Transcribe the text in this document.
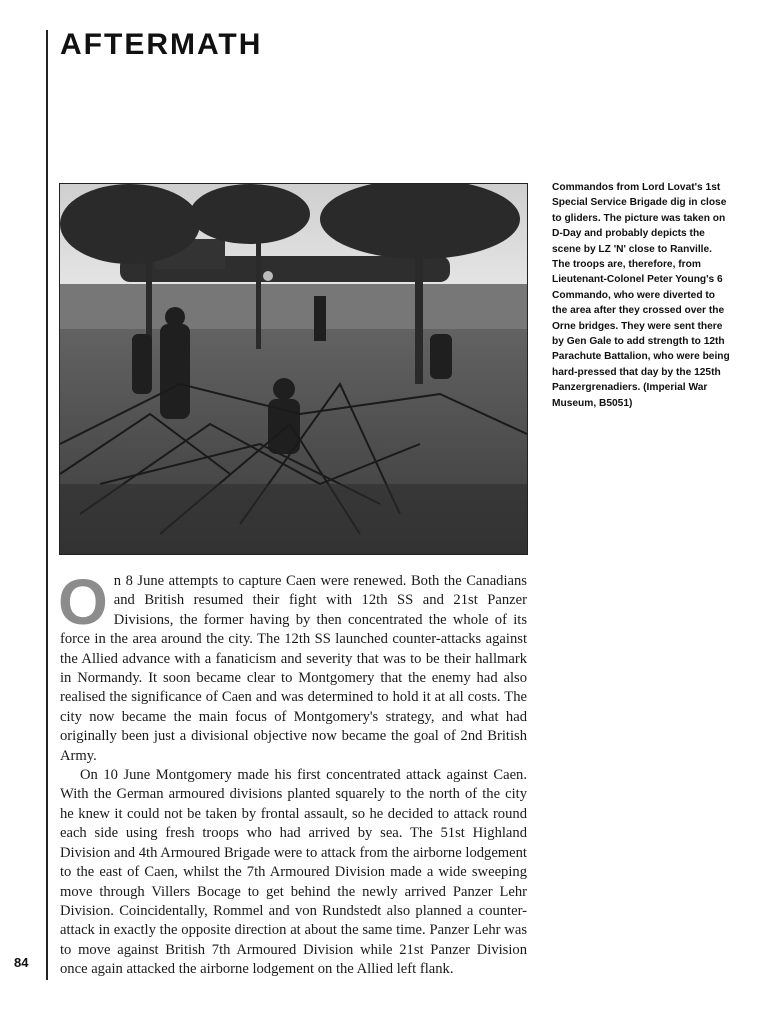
AFTERMATH

Commandos from Lord Lovat's 1st Special Service Brigade dig in close to gliders. The picture was taken on D-Day and probably depicts the scene by LZ 'N' close to Ranville. The troops are, therefore, from Lieutenant-Colonel Peter Young's 6 Commando, who were diverted to the area after they crossed over the Orne bridges. They were sent there by Gen Gale to add strength to 12th Parachute Battalion, who were being hard-pressed that day by the 125th Panzergrenadiers. (Imperial War Museum, B5051)

On 8 June attempts to capture Caen were renewed. Both the Canadians and British resumed their fight with 12th SS and 21st Panzer Divisions, the former having by then concentrated the whole of its force in the area around the city. The 12th SS launched counter-attacks against the Allied advance with a fanaticism and severity that was to be their hallmark in Normandy. It soon became clear to Montgomery that the enemy had also realised the significance of Caen and was determined to hold it at all costs. The city now became the main focus of Montgomery's strategy, and what had originally been just a divisional objective now became the goal of 2nd British Army.

On 10 June Montgomery made his first concentrated attack against Caen. With the German armoured divisions planted squarely to the north of the city he knew it could not be taken by frontal assault, so he decided to attack round each side using fresh troops who had arrived by sea. The 51st Highland Division and 4th Armoured Brigade were to attack from the airborne lodgement to the east of Caen, whilst the 7th Armoured Division made a wide sweeping move through Villers Bocage to get behind the newly arrived Panzer Lehr Division. Coincidentally, Rommel and von Rundstedt also planned a counter-attack in exactly the opposite direction at about the same time. Panzer Lehr was to move against British 7th Armoured Division while 21st Panzer Division once again attacked the airborne lodgement on the Allied left flank.

84
